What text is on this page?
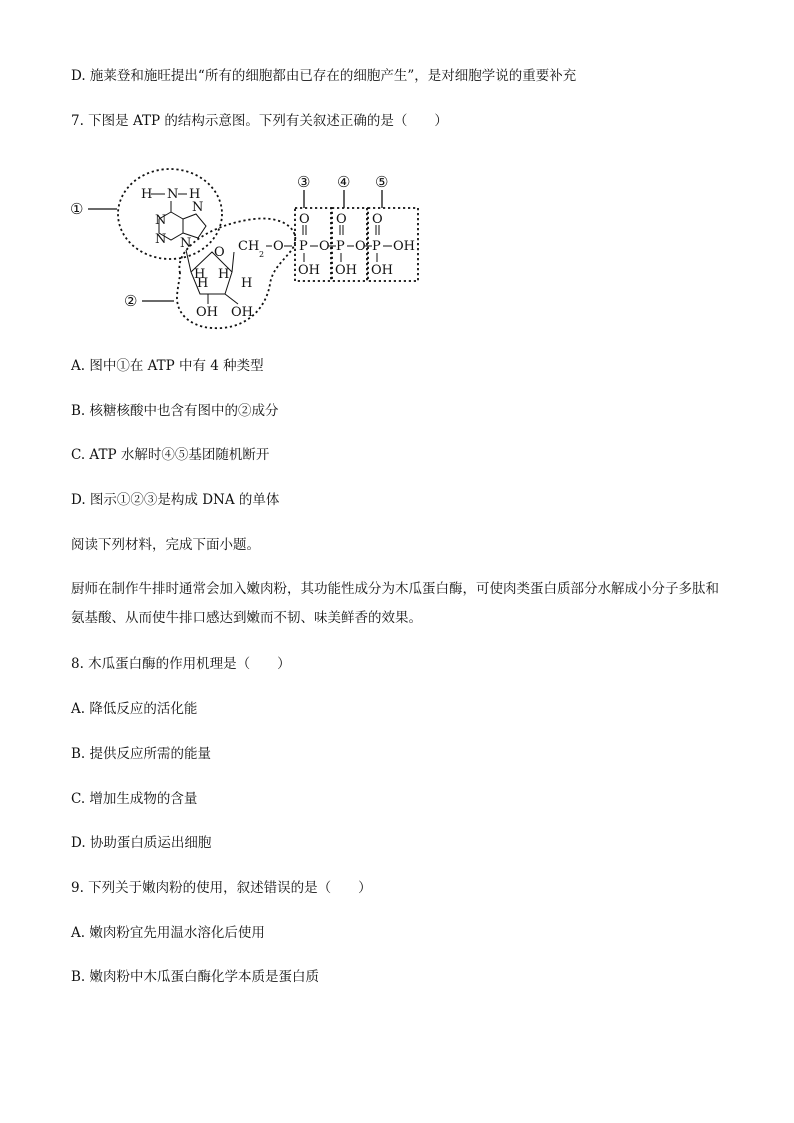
D. 施莱登和施旺提出“所有的细胞都由已存在的细胞产生”，是对细胞学说的重要补充

7. 下图是 ATP 的结构示意图。下列有关叙述正确的是（　　）

①
H N H
N
N
N
N
②
O
H H
H	H
OH OH
CH
2
O
③ ④ ⑤
O
P
OH
O
O
P
OH
O
O
P
OH
OH

A. 图中①在 ATP 中有 4 种类型

B. 核糖核酸中也含有图中的②成分

C. ATP 水解时④⑤基团随机断开

D. 图示①②③是构成 DNA 的单体

阅读下列材料，完成下面小题。

厨师在制作牛排时通常会加入嫩肉粉，其功能性成分为木瓜蛋白酶，可使肉类蛋白质部分水解成小分子多肽和氨基酸、从而使牛排口感达到嫩而不韧、味美鲜香的效果。

8. 木瓜蛋白酶的作用机理是（　　）

A. 降低反应的活化能

B. 提供反应所需的能量

C. 增加生成物的含量

D. 协助蛋白质运出细胞

9. 下列关于嫩肉粉的使用，叙述错误的是（　　）

A. 嫩肉粉宜先用温水溶化后使用

B. 嫩肉粉中木瓜蛋白酶化学本质是蛋白质
